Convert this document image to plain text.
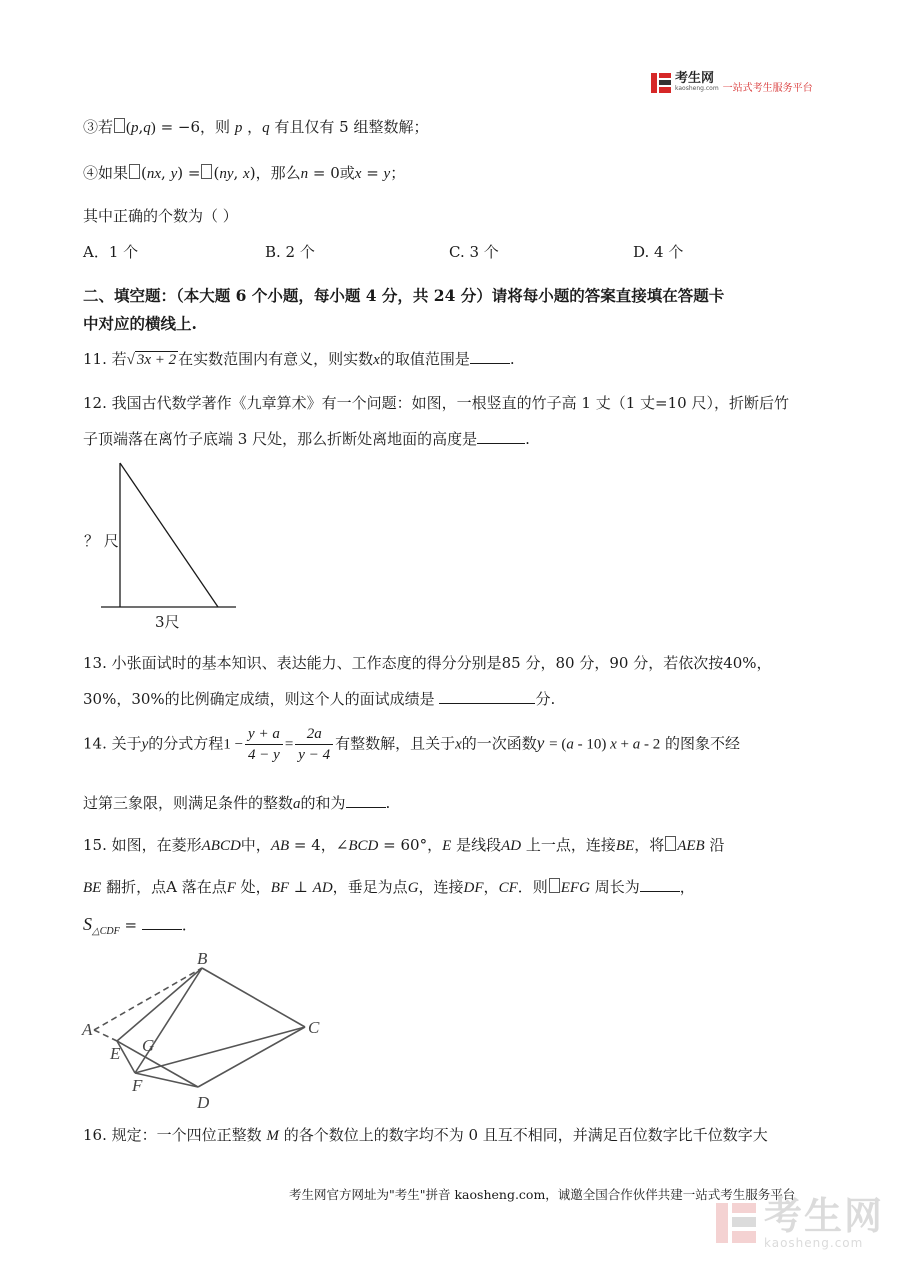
考生网
kaosheng.com 一站式考生服务平台
③若 (p,q) = −6，则 p ，q 有且仅有 5 组整数解；
④如果 (nx, y) = (ny, x)，那么n = 0或x = y；
其中正确的个数为（ ）
A．1 个	B. 2 个	C. 3 个	D. 4 个
二、填空题：（本大题 6 个小题，每小题 4 分，共 24 分）请将每小题的答案直接填在答题卡
中对应的横线上.
11. 若√ 3x + 2 在实数范围内有意义，则实数x的取值范围是	.
12. 我国古代数学著作《九章算术》有一个问题：如图，一根竖直的竹子高 1 丈（1 丈=10 尺），折断后竹
子顶端落在离竹子底端 3 尺处，那么折断处离地面的高度是	.
？ 尺
3尺
13. 小张面试时的基本知识、表达能力、工作态度的得分分别是85 分，80 分，90 分，若依次按40%，
30%，30%的比例确定成绩，则这个人的面试成绩是	分.
14. 关于y的分式方程$1 - \frac{y + a}{4 - y} = \frac{2a}{y - 4}$ 有整数解，且关于x的一次函数y = (a - 10) x + a - 2 的图象不经
过第三象限，则满足条件的整数a的和为	.
15. 如图，在菱形ABCD中，AB = 4，∠BCD = 60°，E 是线段AD 上一点，连接BE，将 AEB 沿
BE 翻折，点A 落在点F 处，BF ⊥ AD，垂足为点G，连接DF，CF．则 EFG 周长为	，
$S_{\triangle CDF}$ =	．
A
B
C
D
E
F
G
16. 规定：一个四位正整数 M 的各个数位上的数字均不为 0 且互不相同，并满足百位数字比千位数字大
考生网官方网址为"考生"拼音 kaosheng.com，诚邀全国合作伙伴共建一站式考生服务平台
考生网
kaosheng.com
